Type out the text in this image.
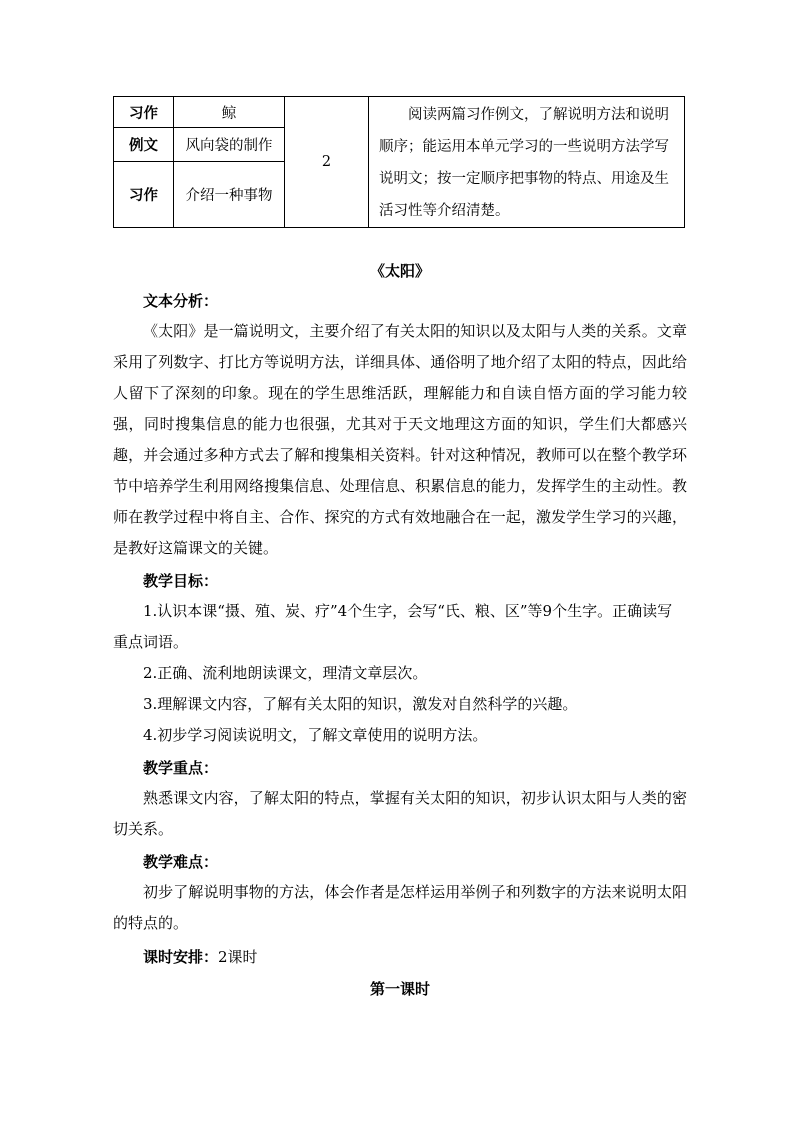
习作	鲸	2	阅读两篇习作例文，了解说明方法和说明顺序；能运用本单元学习的一些说明方法学写说明文；按一定顺序把事物的特点、用途及生活习性等介绍清楚。

例文	风向袋的制作		
习作	介绍一种事物		
《太阳》
文本分析：
《太阳》是一篇说明文，主要介绍了有关太阳的知识以及太阳与人类的关系。文章采用了列数字、打比方等说明方法，详细具体、通俗明了地介绍了太阳的特点，因此给人留下了深刻的印象。现在的学生思维活跃，理解能力和自读自悟方面的学习能力较强，同时搜集信息的能力也很强，尤其对于天文地理这方面的知识，学生们大都感兴趣，并会通过多种方式去了解和搜集相关资料。针对这种情况，教师可以在整个教学环节中培养学生利用网络搜集信息、处理信息、积累信息的能力，发挥学生的主动性。教师在教学过程中将自主、合作、探究的方式有效地融合在一起，激发学生学习的兴趣，是教好这篇课文的关键。
教学目标：
1.认识本课“摄、殖、炭、疗”4个生字，会写“氏、粮、区”等9个生字。正确读写重点词语。
2.正确、流利地朗读课文，理清文章层次。
3.理解课文内容，了解有关太阳的知识，激发对自然科学的兴趣。
4.初步学习阅读说明文，了解文章使用的说明方法。
教学重点：
熟悉课文内容，了解太阳的特点，掌握有关太阳的知识，初步认识太阳与人类的密切关系。
教学难点：
初步了解说明事物的方法，体会作者是怎样运用举例子和列数字的方法来说明太阳的特点的。
课时安排：2课时
第一课时
